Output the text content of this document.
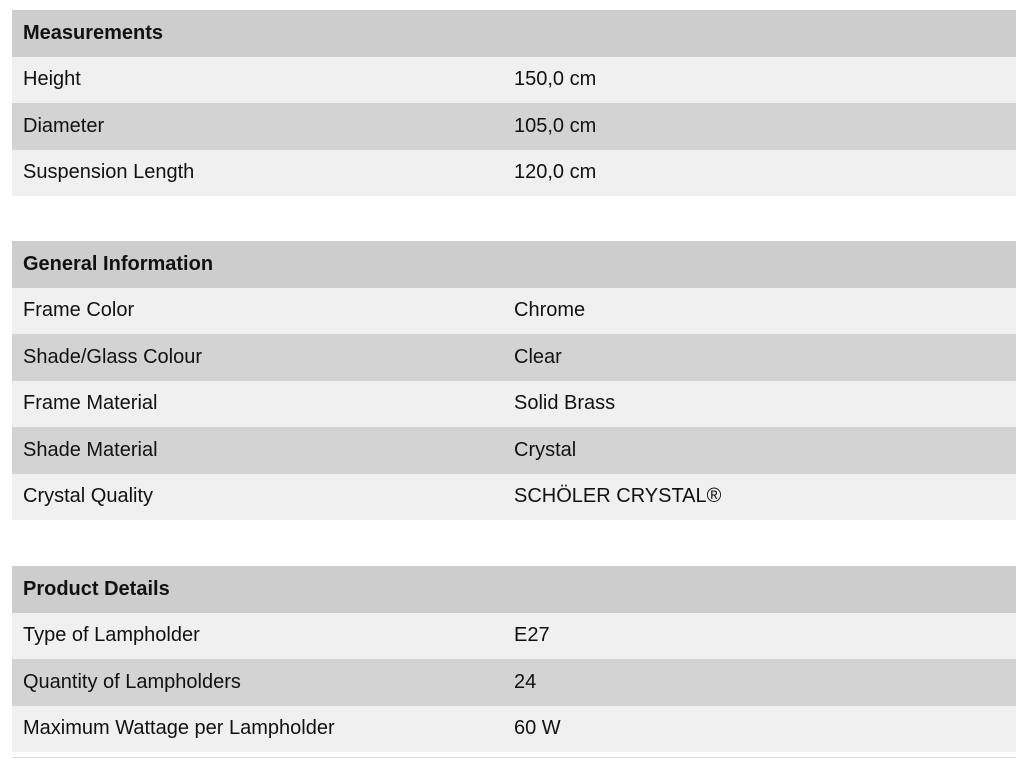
Measurements
Height	150,0 cm
Diameter	105,0 cm
Suspension Length	120,0 cm
General Information
Frame Color	Chrome
Shade/Glass Colour	Clear
Frame Material	Solid Brass
Shade Material	Crystal
Crystal Quality	SCHÖLER CRYSTAL®
Product Details
Type of Lampholder	E27
Quantity of Lampholders	24
Maximum Wattage per Lampholder	60 W
